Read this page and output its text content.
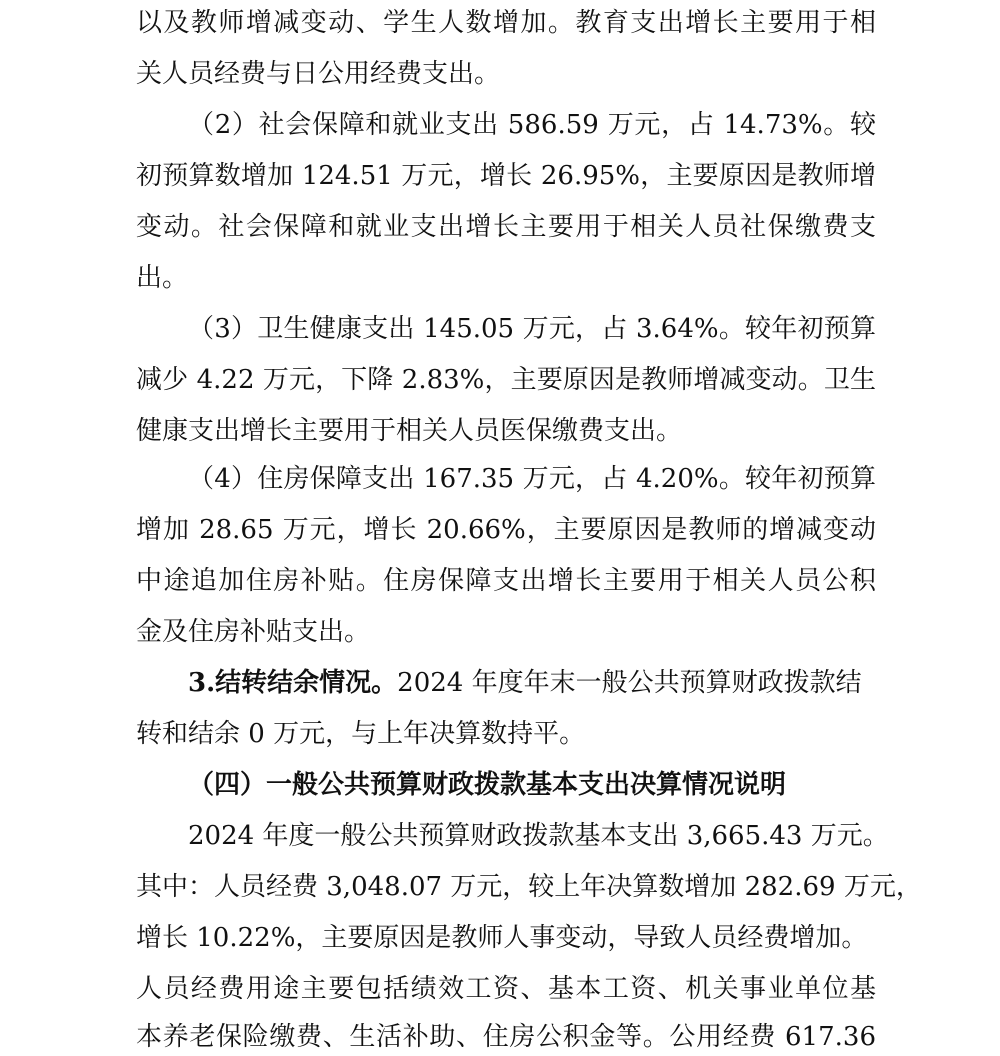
以及教师增减变动、学生人数增加。教育支出增长主要用于相
关人员经费与日公用经费支出。
（2）社会保障和就业支出 586.59 万元，占 14.73%。较
初预算数增加 124.51 万元，增长 26.95%，主要原因是教师增
变动。社会保障和就业支出增长主要用于相关人员社保缴费支
出。
（3）卫生健康支出 145.05 万元，占 3.64%。较年初预算
减少 4.22 万元，下降 2.83%，主要原因是教师增减变动。卫生
健康支出增长主要用于相关人员医保缴费支出。
（4）住房保障支出 167.35 万元，占 4.20%。较年初预算
增加 28.65 万元，增长 20.66%，主要原因是教师的增减变动
中途追加住房补贴。住房保障支出增长主要用于相关人员公积
金及住房补贴支出。
3.结转结余情况。2024 年度年末一般公共预算财政拨款结
转和结余 0 万元，与上年决算数持平。
（四）一般公共预算财政拨款基本支出决算情况说明
2024 年度一般公共预算财政拨款基本支出 3,665.43 万元。
其中：人员经费 3,048.07 万元，较上年决算数增加 282.69 万元，
增长 10.22%，主要原因是教师人事变动，导致人员经费增加。
人员经费用途主要包括绩效工资、基本工资、机关事业单位基
本养老保险缴费、生活补助、住房公积金等。公用经费 617.36
